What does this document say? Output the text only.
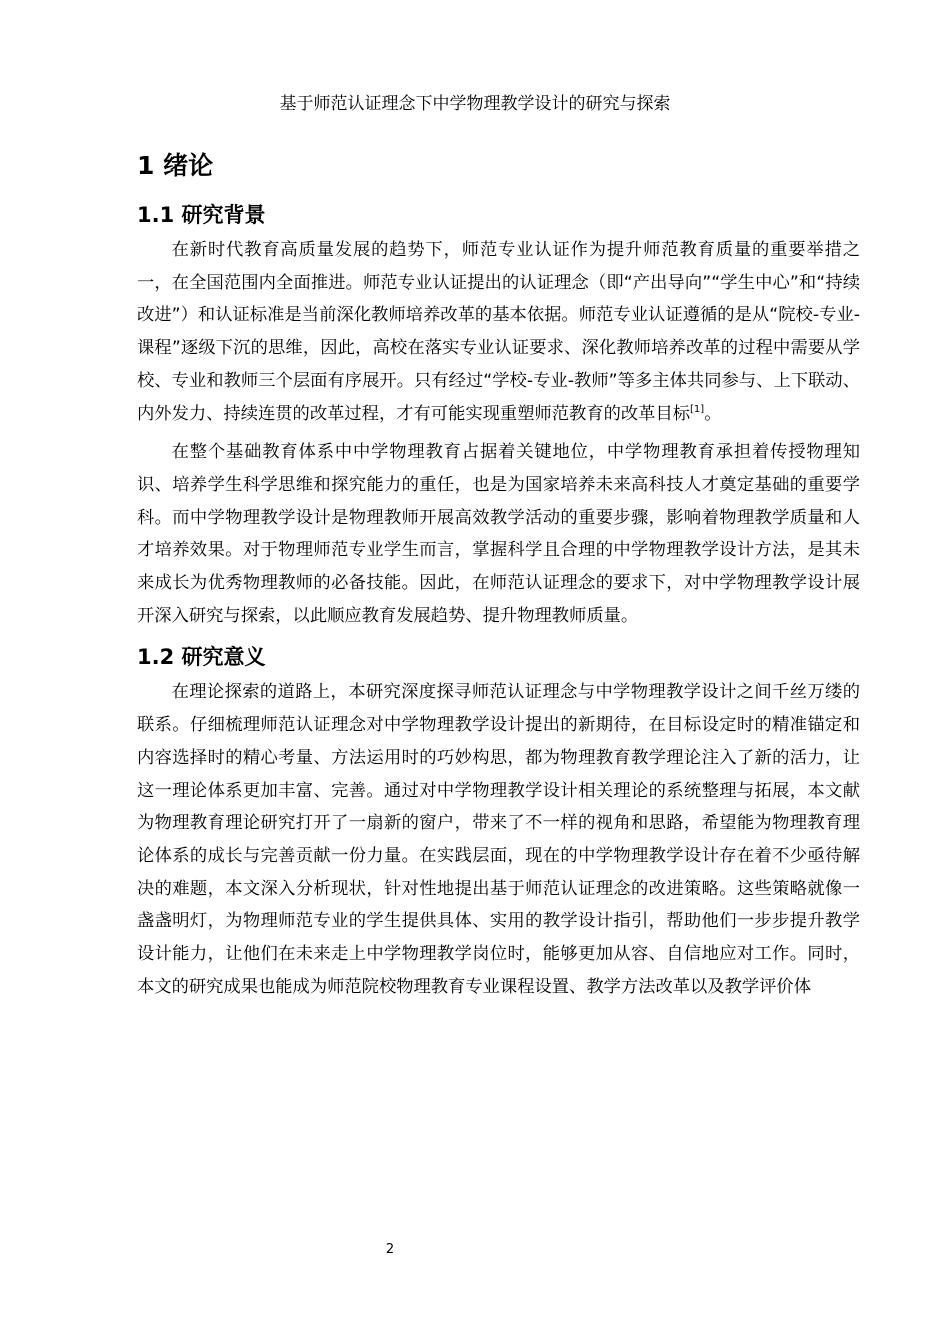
基于师范认证理念下中学物理教学设计的研究与探索
1 绪论
1.1 研究背景

在新时代教育高质量发展的趋势下，师范专业认证作为提升师范教育质量的重要举措之一，在全国范围内全面推进。师范专业认证提出的认证理念（即“产出导向”“学生中心”和“持续改进”）和认证标准是当前深化教师培养改革的基本依据。师范专业认证遵循的是从“院校-专业-课程”逐级下沉的思维，因此，高校在落实专业认证要求、深化教师培养改革的过程中需要从学校、专业和教师三个层面有序展开。只有经过“学校-专业-教师”等多主体共同参与、上下联动、内外发力、持续连贯的改革过程，才有可能实现重塑师范教育的改革目标[1]。

在整个基础教育体系中中学物理教育占据着关键地位，中学物理教育承担着传授物理知识、培养学生科学思维和探究能力的重任，也是为国家培养未来高科技人才奠定基础的重要学科。而中学物理教学设计是物理教师开展高效教学活动的重要步骤，影响着物理教学质量和人才培养效果。对于物理师范专业学生而言，掌握科学且合理的中学物理教学设计方法，是其未来成长为优秀物理教师的必备技能。因此，在师范认证理念的要求下，对中学物理教学设计展开深入研究与探索，以此顺应教育发展趋势、提升物理教师质量。

1.2 研究意义

在理论探索的道路上，本研究深度探寻师范认证理念与中学物理教学设计之间千丝万缕的联系。仔细梳理师范认证理念对中学物理教学设计提出的新期待，在目标设定时的精准锚定和内容选择时的精心考量、方法运用时的巧妙构思，都为物理教育教学理论注入了新的活力，让这一理论体系更加丰富、完善。通过对中学物理教学设计相关理论的系统整理与拓展，本文献为物理教育理论研究打开了一扇新的窗户，带来了不一样的视角和思路，希望能为物理教育理论体系的成长与完善贡献一份力量。在实践层面，现在的中学物理教学设计存在着不少亟待解决的难题，本文深入分析现状，针对性地提出基于师范认证理念的改进策略。这些策略就像一盏盏明灯，为物理师范专业的学生提供具体、实用的教学设计指引，帮助他们一步步提升教学设计能力，让他们在未来走上中学物理教学岗位时，能够更加从容、自信地应对工作。同时，本文的研究成果也能成为师范院校物理教育专业课程设置、教学方法改革以及教学评价体

2
